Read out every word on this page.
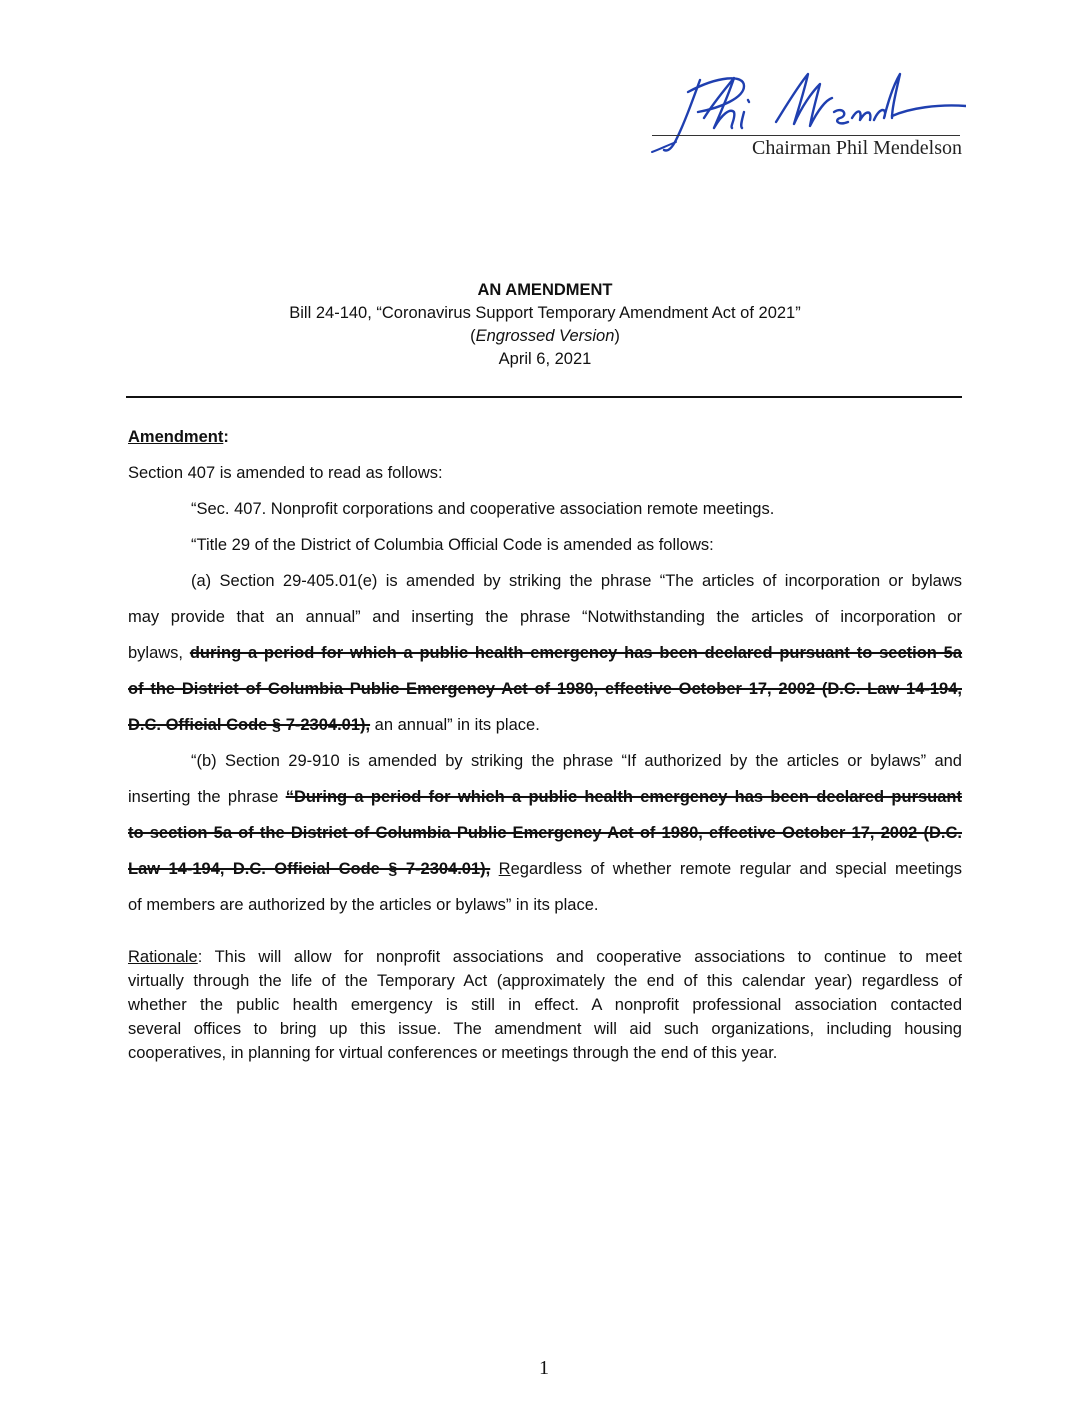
Chairman Phil Mendelson
AN AMENDMENT
Bill 24-140, “Coronavirus Support Temporary Amendment Act of 2021”
(Engrossed Version)
April 6, 2021
Amendment:
Section 407 is amended to read as follows:
“Sec. 407. Nonprofit corporations and cooperative association remote meetings.
“Title 29 of the District of Columbia Official Code is amended as follows:
(a) Section 29-405.01(e) is amended by striking the phrase “The articles of incorporation or bylaws
may provide that an annual” and inserting the phrase “Notwithstanding the articles of incorporation or
bylaws, during a period for which a public health emergency has been declared pursuant to section 5a
of the District of Columbia Public Emergency Act of 1980, effective October 17, 2002 (D.C. Law 14-194,
D.C. Official Code § 7-2304.01), an annual” in its place.
“(b) Section 29-910 is amended by striking the phrase “If authorized by the articles or bylaws” and
inserting the phrase “During a period for which a public health emergency has been declared pursuant
to section 5a of the District of Columbia Public Emergency Act of 1980, effective October 17, 2002 (D.C.
Law 14-194, D.C. Official Code § 7-2304.01), Regardless of whether remote regular and special meetings
of members are authorized by the articles or bylaws” in its place.
Rationale: This will allow for nonprofit associations and cooperative associations to continue to meet
virtually through the life of the Temporary Act (approximately the end of this calendar year) regardless of
whether the public health emergency is still in effect. A nonprofit professional association contacted
several offices to bring up this issue. The amendment will aid such organizations, including housing
cooperatives, in planning for virtual conferences or meetings through the end of this year.
1
